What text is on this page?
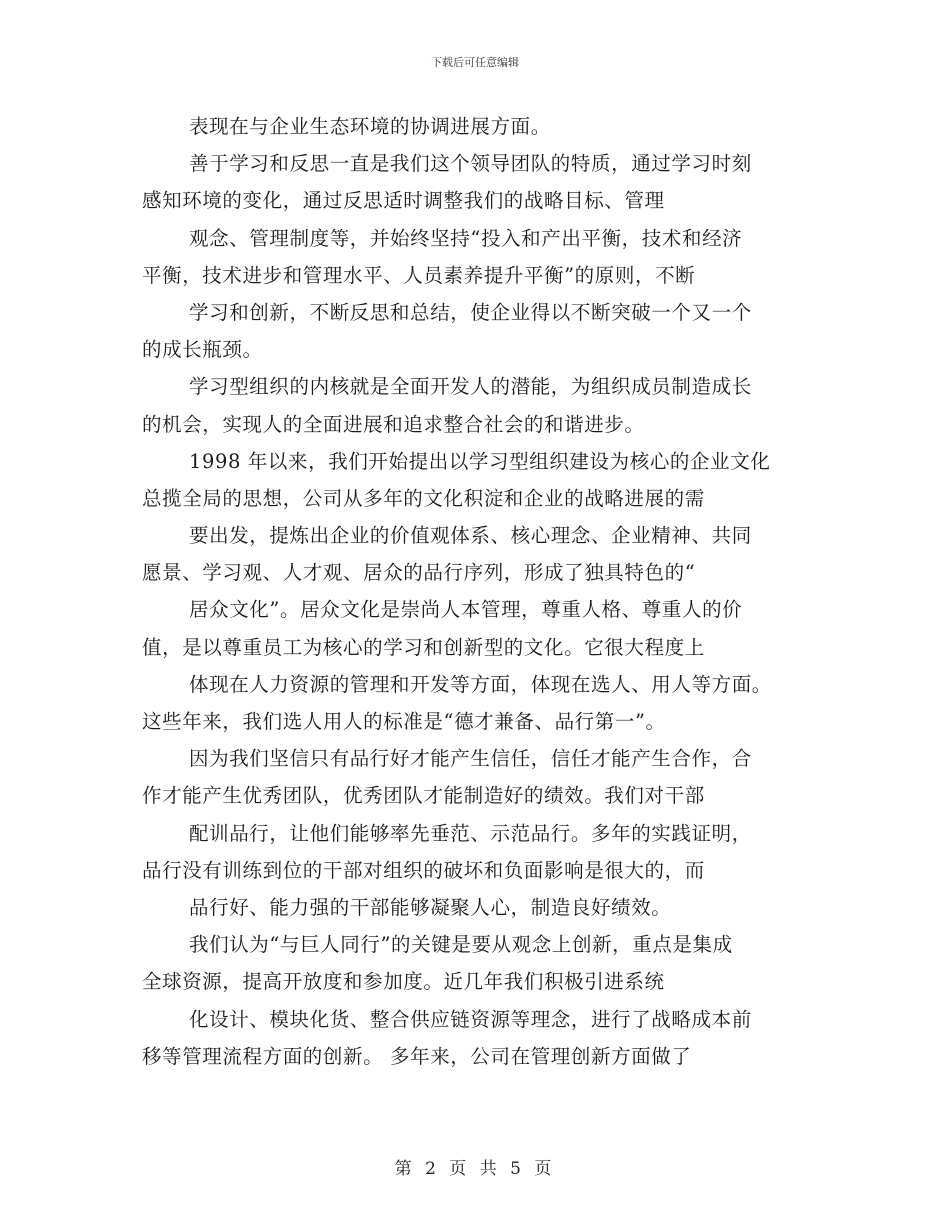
下载后可任意编辑
表现在与企业生态环境的协调进展方面。
善于学习和反思一直是我们这个领导团队的特质，通过学习时刻
感知环境的变化，通过反思适时调整我们的战略目标、管理
观念、管理制度等，并始终坚持“投入和产出平衡，技术和经济
平衡，技术进步和管理水平、人员素养提升平衡”的原则，不断
学习和创新，不断反思和总结，使企业得以不断突破一个又一个
的成长瓶颈。
学习型组织的内核就是全面开发人的潜能，为组织成员制造成长
的机会，实现人的全面进展和追求整合社会的和谐进步。
1998 年以来，我们开始提出以学习型组织建设为核心的企业文化
总揽全局的思想，公司从多年的文化积淀和企业的战略进展的需
要出发，提炼出企业的价值观体系、核心理念、企业精神、共同
愿景、学习观、人才观、居众的品行序列，形成了独具特色的“
居众文化”。居众文化是崇尚人本管理，尊重人格、尊重人的价
值，是以尊重员工为核心的学习和创新型的文化。它很大程度上
体现在人力资源的管理和开发等方面，体现在选人、用人等方面。
这些年来，我们选人用人的标准是“德才兼备、品行第一”。
因为我们坚信只有品行好才能产生信任，信任才能产生合作，合
作才能产生优秀团队，优秀团队才能制造好的绩效。我们对干部
配训品行，让他们能够率先垂范、示范品行。多年的实践证明，
品行没有训练到位的干部对组织的破坏和负面影响是很大的，而
品行好、能力强的干部能够凝聚人心，制造良好绩效。
我们认为“与巨人同行”的关键是要从观念上创新，重点是集成
全球资源，提高开放度和参加度。近几年我们积极引进系统
化设计、模块化货、整合供应链资源等理念，进行了战略成本前
移等管理流程方面的创新。 多年来，公司在管理创新方面做了
第 2 页 共 5 页
